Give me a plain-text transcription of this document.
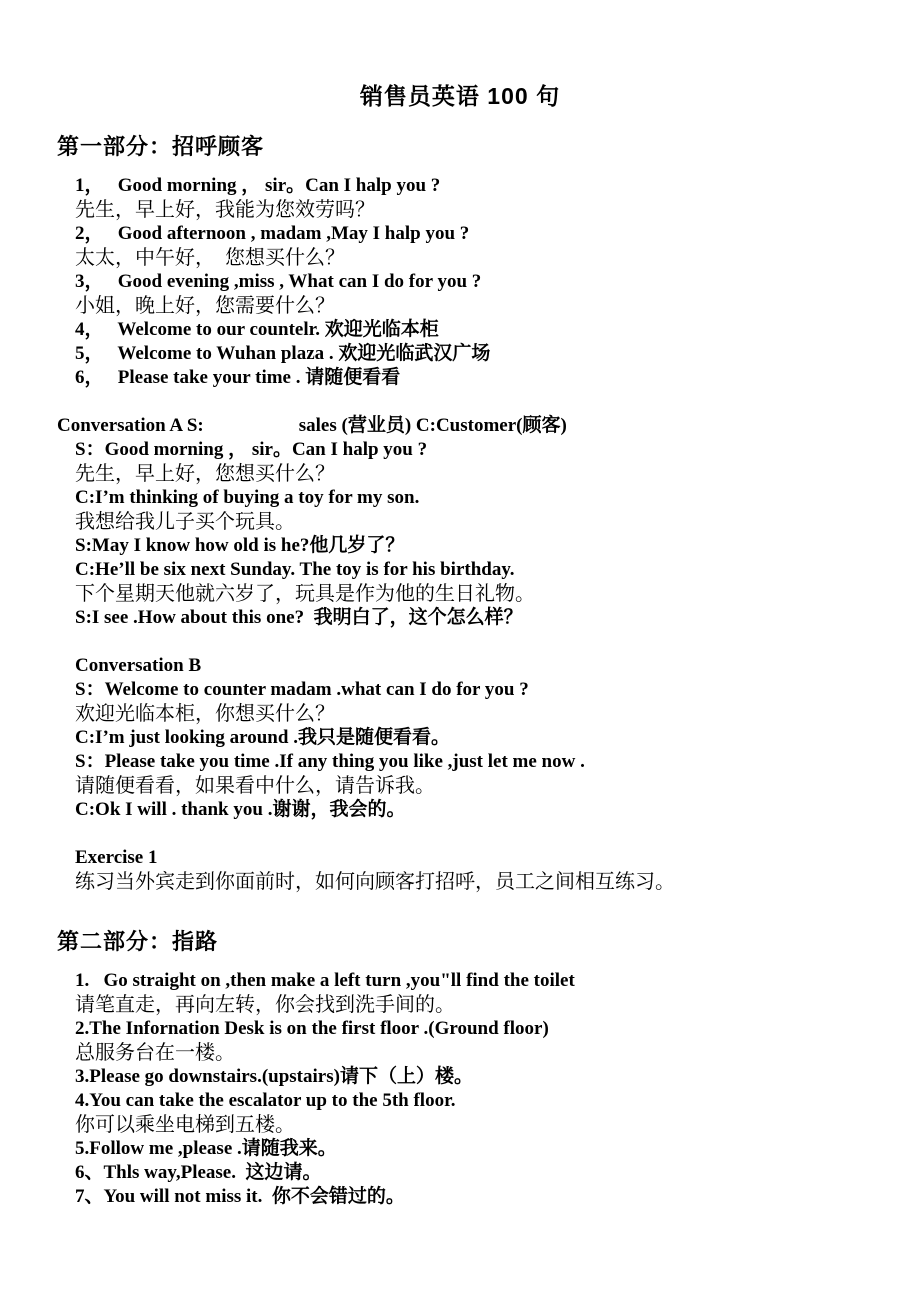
销售员英语 100 句
第一部分：招呼顾客
1，   Good morning ， sir。Can I halp you ?
先生，早上好，我能为您效劳吗？
2，   Good afternoon , madam ,May I halp you ?
太太，中午好，  您想买什么？
3，   Good evening ,miss , What can I do for you ?
小姐，晚上好，您需要什么？
4，   Welcome to our countelr. 欢迎光临本柜
5，   Welcome to Wuhan plaza . 欢迎光临武汉广场
6，   Please take your time . 请随便看看
Conversation A S:                    sales (营业员) C:Customer(顾客)
S：Good morning ， sir。Can I halp you ?
先生，早上好，您想买什么？
C:I’m thinking of buying a toy for my son.
我想给我儿子买个玩具。
S:May I know how old is he?他几岁了？
C:He’ll be six next Sunday. The toy is for his birthday.
下个星期天他就六岁了，玩具是作为他的生日礼物。
S:I see .How about this one?  我明白了，这个怎么样？
Conversation B
S：Welcome to counter madam .what can I do for you ?
欢迎光临本柜，你想买什么？
C:I’m just looking around .我只是随便看看。
S：Please take you time .If any thing you like ,just let me now .
请随便看看，如果看中什么，请告诉我。
C:Ok I will . thank you .谢谢，我会的。
Exercise 1
练习当外宾走到你面前时，如何向顾客打招呼，员工之间相互练习。
第二部分：指路
1.   Go straight on ,then make a left turn ,you"ll find the toilet
请笔直走，再向左转，你会找到洗手间的。
2.The Infornation Desk is on the first floor .(Ground floor)
总服务台在一楼。
3.Please go downstairs.(upstairs)请下（上）楼。
4.You can take the escalator up to the 5th floor.
你可以乘坐电梯到五楼。
5.Follow me ,please .请随我来。
6、Thls way,Please.  这边请。
7、You will not miss it.  你不会错过的。
